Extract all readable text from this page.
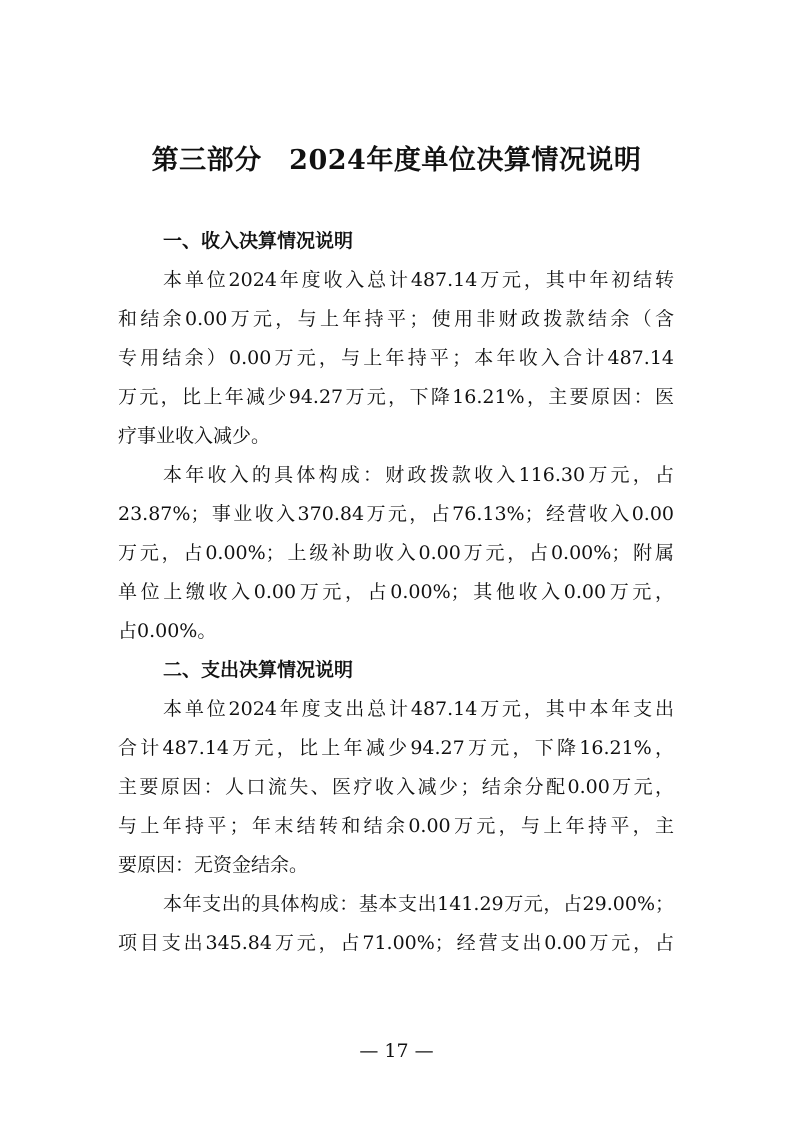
第三部分　2024年度单位决算情况说明
一、收入决算情况说明
本单位2024年度收入总计487.14万元，其中年初结转
和结余0.00万元，与上年持平；使用非财政拨款结余（含
专用结余）0.00万元，与上年持平；本年收入合计487.14
万元，比上年减少94.27万元，下降16.21%，主要原因：医
疗事业收入减少。
本年收入的具体构成：财政拨款收入116.30万元，占
23.87%；事业收入370.84万元，占76.13%；经营收入0.00
万元，占0.00%；上级补助收入0.00万元，占0.00%；附属
单位上缴收入0.00万元，占0.00%；其他收入0.00万元，
占0.00%。
二、支出决算情况说明
本单位2024年度支出总计487.14万元，其中本年支出
合计487.14万元，比上年减少94.27万元，下降16.21%，
主要原因：人口流失、医疗收入减少；结余分配0.00万元，
与上年持平；年末结转和结余0.00万元，与上年持平，主
要原因：无资金结余。
本年支出的具体构成：基本支出141.29万元，占29.00%；
项目支出345.84万元，占71.00%；经营支出0.00万元，占
— 17 —
